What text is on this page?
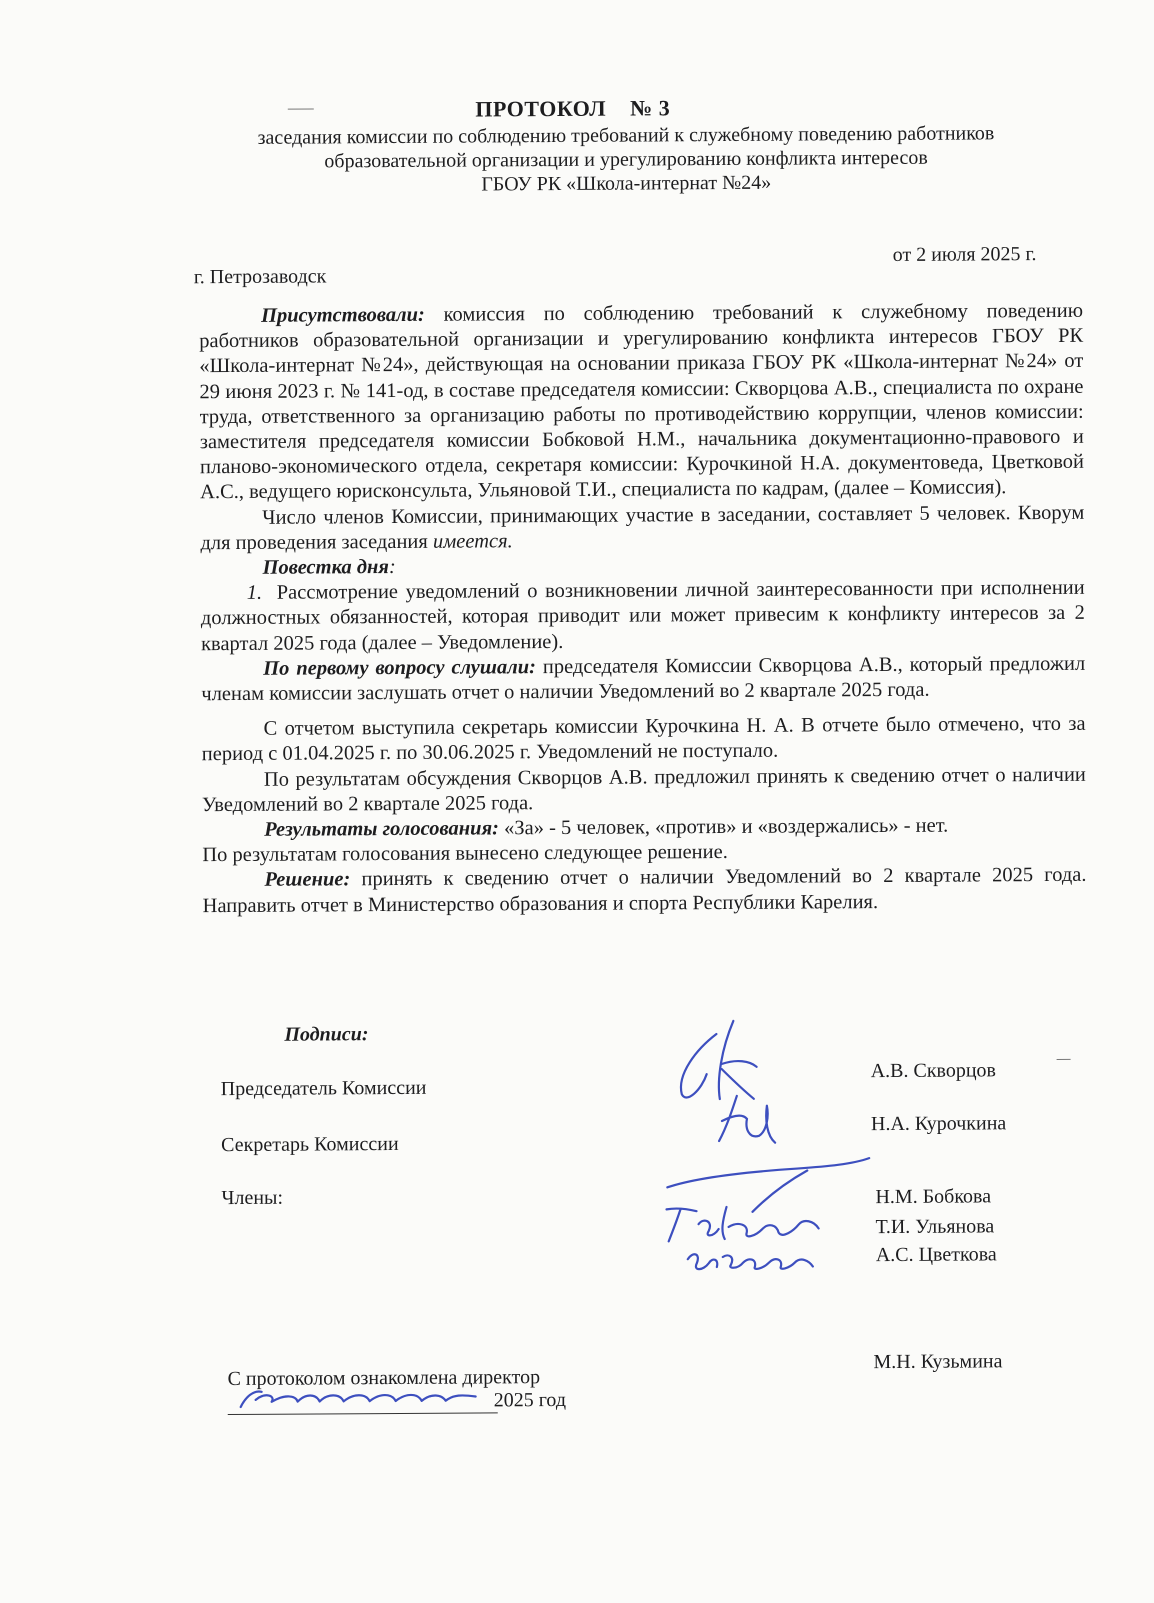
ПРОТОКОЛ    № 3
заседания комиссии по соблюдению требований к служебному поведению работников
образовательной организации и урегулированию конфликта интересов
ГБОУ РК «Школа-интернат №24»
г. Петрозаводск
от 2 июля 2025 г.

Присутствовали: комиссия по соблюдению требований к служебному поведению работников образовательной организации и урегулированию конфликта интересов ГБОУ РК «Школа-интернат №24», действующая на основании приказа ГБОУ РК «Школа-интернат №24» от 29 июня 2023 г. № 141-од, в составе председателя комиссии: Скворцова А.В., специалиста по охране труда, ответственного за организацию работы по противодействию коррупции, членов комиссии: заместителя председателя комиссии Бобковой Н.М., начальника документационно-правового и планово-экономического отдела, секретаря комиссии: Курочкиной Н.А. документоведа, Цветковой А.С., ведущего юрисконсульта, Ульяновой Т.И., специалиста по кадрам, (далее – Комиссия).

Число членов Комиссии, принимающих участие в заседании, составляет 5 человек. Кворум для проведения заседания имеется.

Повестка дня:

1. Рассмотрение уведомлений о возникновении личной заинтересованности при исполнении должностных обязанностей, которая приводит или может привесим к конфликту интересов за 2 квартал 2025 года (далее – Уведомление).

По первому вопросу слушали: председателя Комиссии Скворцова А.В., который предложил членам комиссии заслушать отчет о наличии Уведомлений во 2 квартале 2025 года.

С отчетом выступила секретарь комиссии Курочкина Н. А. В отчете было отмечено, что за период с 01.04.2025 г. по 30.06.2025 г. Уведомлений не поступало.

По результатам обсуждения Скворцов А.В. предложил принять к сведению отчет о наличии Уведомлений во 2 квартале 2025 года.

Результаты голосования: «За» - 5 человек, «против» и «воздержались» - нет.

По результатам голосования вынесено следующее решение.

Решение: принять к сведению отчет о наличии Уведомлений во 2 квартале 2025 года. Направить отчет в Министерство образования и спорта Республики Карелия.

Подписи:
Председатель Комиссии
А.В. Скворцов
Секретарь Комиссии
Н.А. Курочкина
Члены:	Н.М. Бобкова
Т.И. Ульянова
А.С. Цветкова
С протоколом ознакомлена директор
М.Н. Кузьмина
2025 год
